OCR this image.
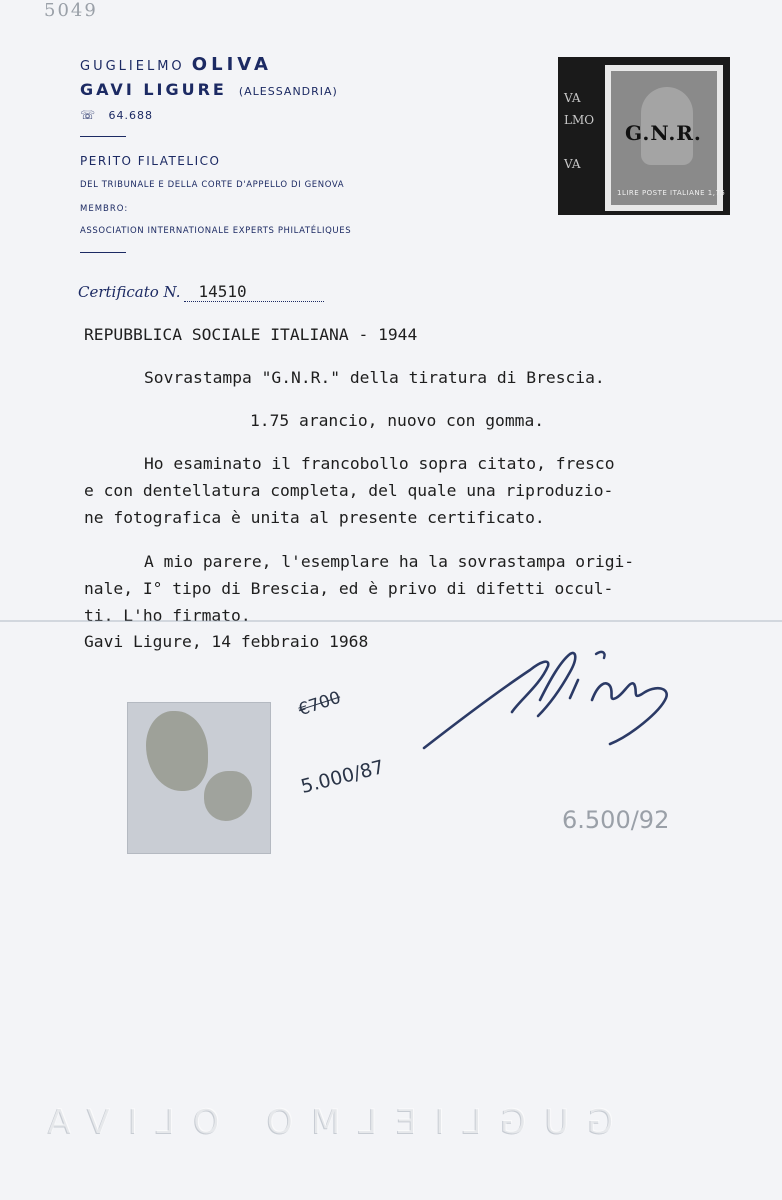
5049
GUGLIELMO OLIVA
GAVI LIGURE (ALESSANDRIA)
☏ 64.688
PERITO FILATELICO
DEL TRIBUNALE E DELLA CORTE D'APPELLO DI GENOVA
MEMBRO:
ASSOCIATION INTERNATIONALE EXPERTS PHILATÉLIQUES
VA
LMO

VA
G.N.R.
1LIRE POSTE ITALIANE 1,75
Certificato N. 14510
REPUBBLICA SOCIALE ITALIANA - 1944
Sovrastampa "G.N.R." della tiratura di Brescia.
1.75 arancio, nuovo con gomma.
Ho esaminato il francobollo sopra citato, fresco
e con dentellatura completa, del quale una riproduzio-
ne fotografica è unita al presente certificato.
A mio parere, l'esemplare ha la sovrastampa origi-
nale, I° tipo di Brescia, ed è privo di difetti occul-
ti. L'ho firmato.
Gavi Ligure, 14 febbraio 1968
€700
5.000/87
6.500/92
GUGLIELMO OLIVA
